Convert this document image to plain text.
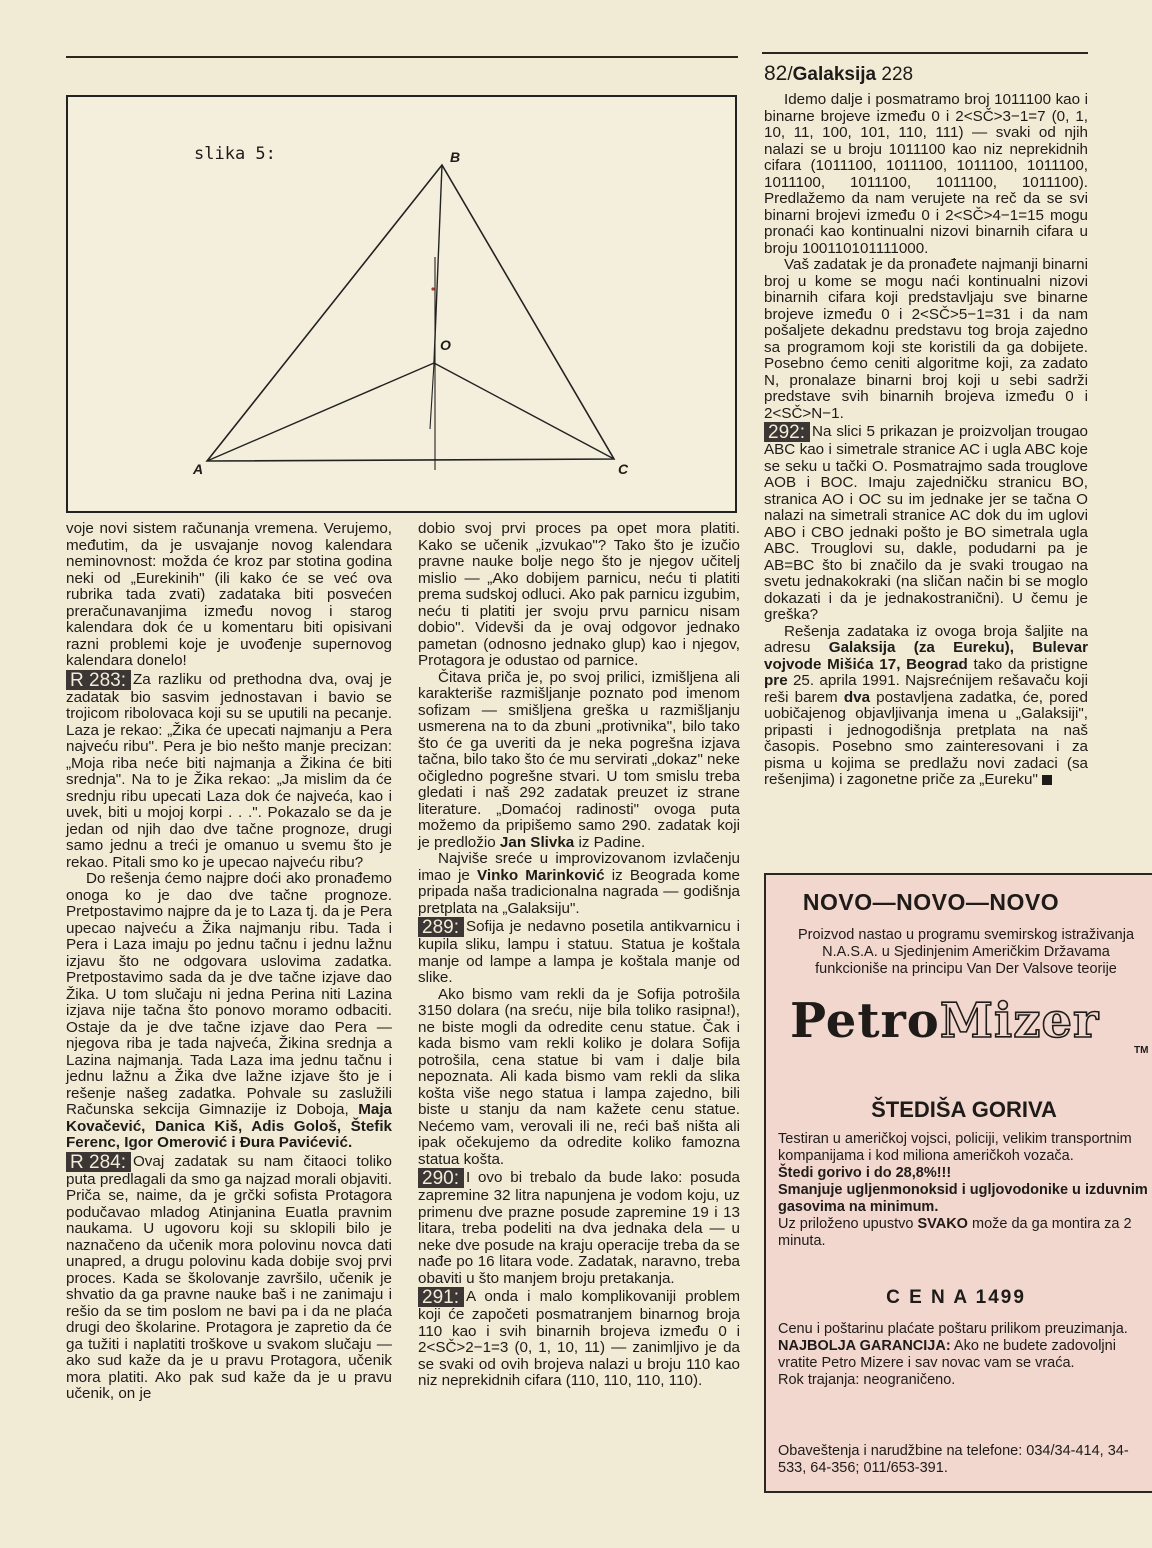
82/Galaksija 228
slika 5:	B
O
A	C

voje novi sistem računanja vremena. Verujemo, međutim, da je usvajanje novog kalendara neminovnost: možda će kroz par stotina godina neki od „Eurekinih" (ili kako će se već ova rubrika tada zvati) zadataka biti posvećen preračunavanjima između novog i starog kalendara dok će u komentaru biti opisivani razni problemi koje je uvođenje supernovog kalendara donelo!

R 283: Za razliku od prethodna dva, ovaj je zadatak bio sasvim jednostavan i bavio se trojicom ribolovaca koji su se uputili na pecanje. Laza je rekao: „Žika će upecati najmanju a Pera najveću ribu". Pera je bio nešto manje precizan: „Moja riba neće biti najmanja a Žikina će biti srednja". Na to je Žika rekao: „Ja mislim da će srednju ribu upecati Laza dok će najveća, kao i uvek, biti u mojoj korpi . . .". Pokazalo se da je jedan od njih dao dve tačne prognoze, drugi samo jednu a treći je omanuo u svemu što je rekao. Pitali smo ko je upecao najveću ribu?

Do rešenja ćemo najpre doći ako pronađemo onoga ko je dao dve tačne prognoze. Pretpostavimo najpre da je to Laza tj. da je Pera upecao najveću a Žika najmanju ribu. Tada i Pera i Laza imaju po jednu tačnu i jednu lažnu izjavu što ne odgovara uslovima zadatka. Pretpostavimo sada da je dve tačne izjave dao Žika. U tom slučaju ni jedna Perina niti Lazina izjava nije tačna što ponovo moramo odbaciti. Ostaje da je dve tačne izjave dao Pera — njegova riba je tada najveća, Žikina srednja a Lazina najmanja. Tada Laza ima jednu tačnu i jednu lažnu a Žika dve lažne izjave što je i rešenje našeg zadatka. Pohvale su zaslužili Računska sekcija Gimnazije iz Doboja, Maja Kovačević, Danica Kiš, Adis Gološ, Štefik Ferenc, Igor Omerović i Đura Pavićević.

R 284: Ovaj zadatak su nam čitaoci toliko puta predlagali da smo ga najzad morali objaviti. Priča se, naime, da je grčki sofista Protagora podučavao mladog Atinjanina Euatla pravnim naukama. U ugovoru koji su sklopili bilo je naznačeno da učenik mora polovinu novca dati unapred, a drugu polovinu kada dobije svoj prvi proces. Kada se školovanje završilo, učenik je shvatio da ga pravne nauke baš i ne zanimaju i rešio da se tim poslom ne bavi pa i da ne plaća drugi deo školarine. Protagora je zapretio da će ga tužiti i naplatiti troškove u svakom slučaju — ako sud kaže da je u pravu Protagora, učenik mora platiti. Ako pak sud kaže da je u pravu učenik, on je

dobio svoj prvi proces pa opet mora platiti. Kako se učenik „izvukao"? Tako što je izučio pravne nauke bolje nego što je njegov učitelj mislio — „Ako dobijem parnicu, neću ti platiti prema sudskoj odluci. Ako pak parnicu izgubim, neću ti platiti jer svoju prvu parnicu nisam dobio". Videvši da je ovaj odgovor jednako pametan (odnosno jednako glup) kao i njegov, Protagora je odustao od parnice.

Čitava priča je, po svoj prilici, izmišljena ali karakteriše razmišljanje poznato pod imenom sofizam — smišljena greška u razmišljanju usmerena na to da zbuni „protivnika", bilo tako što će ga uveriti da je neka pogrešna izjava tačna, bilo tako što će mu servirati „dokaz" neke očigledno pogrešne stvari. U tom smislu treba gledati i naš 292 zadatak preuzet iz strane literature. „Domaćoj radinosti" ovoga puta možemo da pripišemo samo 290. zadatak koji je predložio Jan Slivka iz Padine.

Najviše sreće u improvizovanom izvlačenju imao je Vinko Marinković iz Beograda kome pripada naša tradicionalna nagrada — godišnja pretplata na „Galaksiju".

289: Sofija je nedavno posetila antikvarnicu i kupila sliku, lampu i statuu. Statua je koštala manje od lampe a lampa je koštala manje od slike.

Ako bismo vam rekli da je Sofija potrošila 3150 dolara (na sreću, nije bila toliko rasipna!), ne biste mogli da odredite cenu statue. Čak i kada bismo vam rekli koliko je dolara Sofija potrošila, cena statue bi vam i dalje bila nepoznata. Ali kada bismo vam rekli da slika košta više nego statua i lampa zajedno, bili biste u stanju da nam kažete cenu statue. Nećemo vam, verovali ili ne, reći baš ništa ali ipak očekujemo da odredite koliko famozna statua košta.

290: I ovo bi trebalo da bude lako: posuda zapremine 32 litra napunjena je vodom koju, uz primenu dve prazne posude zapremine 19 i 13 litara, treba podeliti na dva jednaka dela — u neke dve posude na kraju operacije treba da se nađe po 16 litara vode. Zadatak, naravno, treba obaviti u što manjem broju pretakanja.

291: A onda i malo komplikovaniji problem koji će započeti posmatranjem binarnog broja 110 kao i svih binarnih brojeva između 0 i 2<SČ>2−1=3 (0, 1, 10, 11) — zanimljivo je da se svaki od ovih brojeva nalazi u broju 110 kao niz neprekidnih cifara (110, 110, 110, 110).

Idemo dalje i posmatramo broj 1011100 kao i binarne brojeve između 0 i 2<SČ>3−1=7 (0, 1, 10, 11, 100, 101, 110, 111) — svaki od njih nalazi se u broju 1011100 kao niz neprekidnih cifara (1011100, 1011100, 1011100, 1011100, 1011100, 1011100, 1011100, 1011100). Predlažemo da nam verujete na reč da se svi binarni brojevi između 0 i 2<SČ>4−1=15 mogu pronaći kao kontinualni nizovi binarnih cifara u broju 100110101111000.

Vaš zadatak je da pronađete najmanji binarni broj u kome se mogu naći kontinualni nizovi binarnih cifara koji predstavljaju sve binarne brojeve između 0 i 2<SČ>5−1=31 i da nam pošaljete dekadnu predstavu tog broja zajedno sa programom koji ste koristili da ga dobijete. Posebno ćemo ceniti algoritme koji, za zadato N, pronalaze binarni broj koji u sebi sadrži predstave svih binarnih brojeva između 0 i 2<SČ>N−1.

292: Na slici 5 prikazan je proizvoljan trougao ABC kao i simetrale stranice AC i ugla ABC koje se seku u tački O. Posmatrajmo sada trouglove AOB i BOC. Imaju zajedničku stranicu BO, stranica AO i OC su im jednake jer se tačna O nalazi na simetrali stranice AC dok du im uglovi ABO i CBO jednaki pošto je BO simetrala ugla ABC. Trouglovi su, dakle, podudarni pa je AB=BC što bi značilo da je svaki trougao na svetu jednakokraki (na sličan način bi se moglo dokazati i da je jednakostranični). U čemu je greška?

Rešenja zadataka iz ovoga broja šaljite na adresu Galaksija (za Eureku), Bulevar vojvode Mišića 17, Beograd tako da pristigne pre 25. aprila 1991. Najsrećnijem rešavaču koji reši barem dva postavljena zadatka, će, pored uobičajenog objavljivanja imena u „Galaksiji", pripasti i jednogodišnja pretplata na naš časopis. Posebno smo zainteresovani i za pisma u kojima se predlažu novi zadaci (sa rešenjima) i zagonetne priče za „Eureku"

NOVO—NOVO—NOVO
Proizvod nastao u programu svemirskog istraživanja N.A.S.A. u Sjedinjenim Američkim Državama funkcioniše na principu Van Der Valsove teorije
PetroMizer
TM
ŠTEDIŠA GORIVA

Testiran u američkoj vojsci, policiji, velikim transportnim kompanijama i kod miliona američkoh vozača.

Štedi gorivo i do 28,8%!!!

Smanjuje ugljenmonoksid i ugljovodonike u izduvnim gasovima na minimum.

Uz priloženo upustvo SVAKO može da ga montira za 2 minuta.

C E N A 1499

Cenu i poštarinu plaćate poštaru prilikom preuzimanja.

NAJBOLJA GARANCIJA: Ako ne budete zadovoljni vratite Petro Mizere i sav novac vam se vraća.

Rok trajanja: neograničeno.

Obaveštenja i narudžbine na telefone: 034/34-414, 34-533, 64-356; 011/653-391.
